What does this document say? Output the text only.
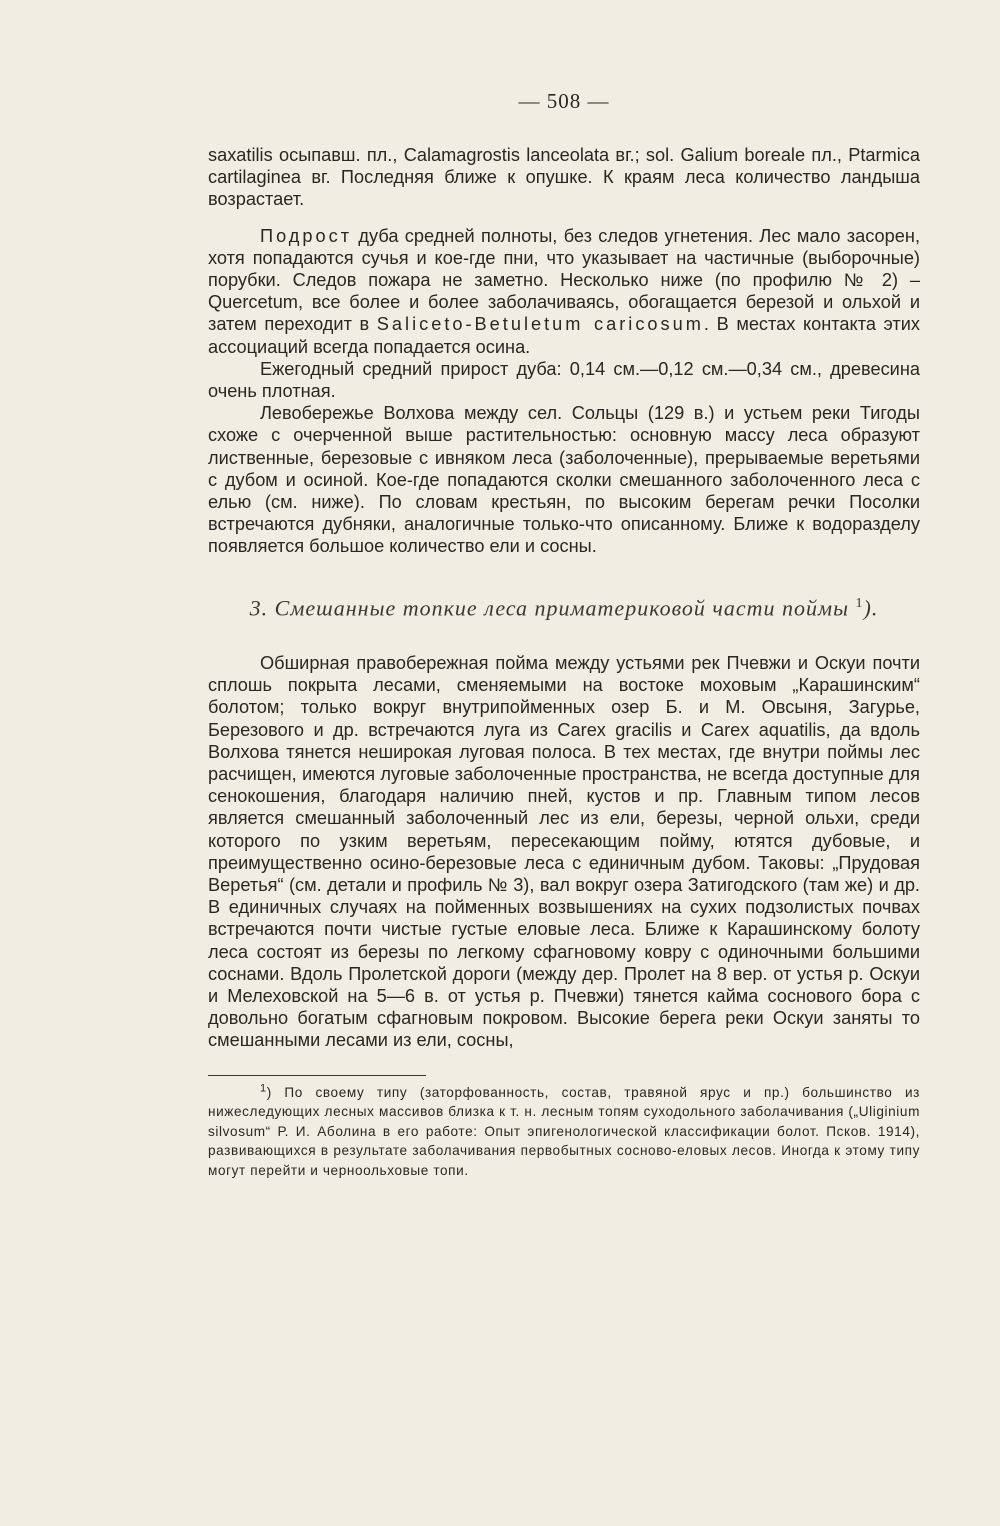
— 508 —

saxatilis осыпавш. пл., Calamagrostis lanceolata вг.; sol. Galium boreale пл., Ptarmica cartilaginea вг. Последняя ближе к опушке. К краям леса количество ландыша возрастает.

Подрост дуба средней полноты, без следов угнетения. Лес мало засорен, хотя попадаются сучья и кое-где пни, что указывает на частичные (выборочные) порубки. Следов пожара не заметно. Несколько ниже (по профилю № 2) – Quercetum, все более и более заболачиваясь, обогащается березой и ольхой и затем переходит в Saliceto-Betuletum caricosum. В местах контакта этих ассоциаций всегда попадается осина.

Ежегодный средний прирост дуба: 0,14 см.—0,12 см.—0,34 см., древесина очень плотная.

Левобережье Волхова между сел. Сольцы (129 в.) и устьем реки Тигоды схоже с очерченной выше растительностью: основную массу леса образуют лиственные, березовые с ивняком леса (заболоченные), прерываемые веретьями с дубом и осиной. Кое-где попадаются сколки смешанного заболоченного леса с елью (см. ниже). По словам крестьян, по высоким берегам речки Посолки встречаются дубняки, аналогичные только-что описанному. Ближе к водоразделу появляется большое количество ели и сосны.

3. Смешанные топкие леса приматериковой части поймы $^1$).

Обширная правобережная пойма между устьями рек Пчевжи и Оскуи почти сплошь покрыта лесами, сменяемыми на востоке моховым „Карашинским“ болотом; только вокруг внутрипойменных озер Б. и М. Овсыня, Загурье, Березового и др. встречаются луга из Carex gracilis и Carex aquatilis, да вдоль Волхова тянется неширокая луговая полоса. В тех местах, где внутри поймы лес расчищен, имеются луговые заболоченные пространства, не всегда доступные для сенокошения, благодаря наличию пней, кустов и пр. Главным типом лесов является смешанный заболоченный лес из ели, березы, черной ольхи, среди которого по узким веретьям, пересекающим пойму, ютятся дубовые, и преимущественно осино-березовые леса с единичным дубом. Таковы: „Прудовая Веретья“ (см. детали и профиль № 3), вал вокруг озера Затигодского (там же) и др. В единичных случаях на пойменных возвышениях на сухих подзолистых почвах встречаются почти чистые густые еловые леса. Ближе к Карашинскому болоту леса состоят из березы по легкому сфагновому ковру с одиночными большими соснами. Вдоль Пролетской дороги (между дер. Пролет на 8 вер. от устья р. Оскуи и Мелеховской на 5—6 в. от устья р. Пчевжи) тянется кайма соснового бора с довольно богатым сфагновым покровом. Высокие берега реки Оскуи заняты то смешанными лесами из ели, сосны,

$^1$) По своему типу (заторфованность, состав, травяной ярус и пр.) большинство из нижеследующих лесных массивов близка к т. н. лесным топям суходольного заболачивания („Uliginium silvosum“ Р. И. Аболина в его работе: Опыт эпигенологической классификации болот. Псков. 1914), развивающихся в результате заболачивания первобытных сосново-еловых лесов. Иногда к этому типу могут перейти и черноольховые топи.
